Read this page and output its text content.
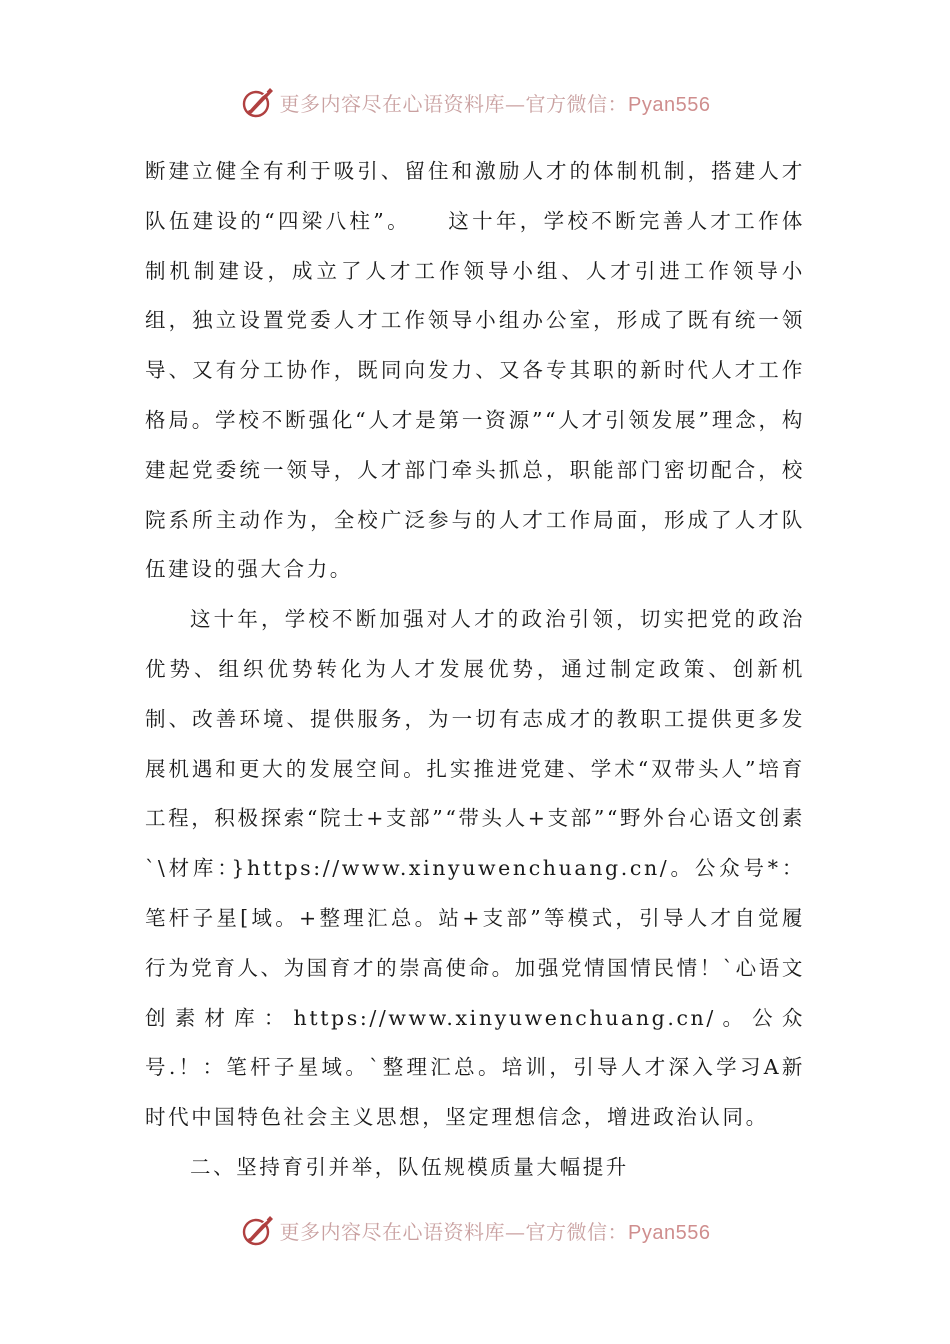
更多内容尽在心语资料库—官方微信：Pyan556

断建立健全有利于吸引、留住和激励人才的体制机制，搭建人才队伍建设的“四梁八柱”。　　这十年，学校不断完善人才工作体制机制建设，成立了人才工作领导小组、人才引进工作领导小组，独立设置党委人才工作领导小组办公室，形成了既有统一领导、又有分工协作，既同向发力、又各专其职的新时代人才工作格局。学校不断强化“人才是第一资源”“人才引领发展”理念，构建起党委统一领导，人才部门牵头抓总，职能部门密切配合，校院系所主动作为，全校广泛参与的人才工作局面，形成了人才队伍建设的强大合力。

这十年，学校不断加强对人才的政治引领，切实把党的政治优势、组织优势转化为人才发展优势，通过制定政策、创新机制、改善环境、提供服务，为一切有志成才的教职工提供更多发展机遇和更大的发展空间。扎实推进党建、学术“双带头人”培育工程，积极探索“院士+支部”“带头人+支部”“野外台心语文创素`\材库：}https://www.xinyuwenchuang.cn/。公众号*：笔杆子星[域。+整理汇总。站+支部”等模式，引导人才自觉履行为党育人、为国育才的崇高使命。加强党情国情民情！`心语文创素材库：https://www.xinyuwenchuang.cn/。公众号.！：笔杆子星域。`整理汇总。培训，引导人才深入学习A新时代中国特色社会主义思想，坚定理想信念，增进政治认同。

二、坚持育引并举，队伍规模质量大幅提升

更多内容尽在心语资料库—官方微信：Pyan556
